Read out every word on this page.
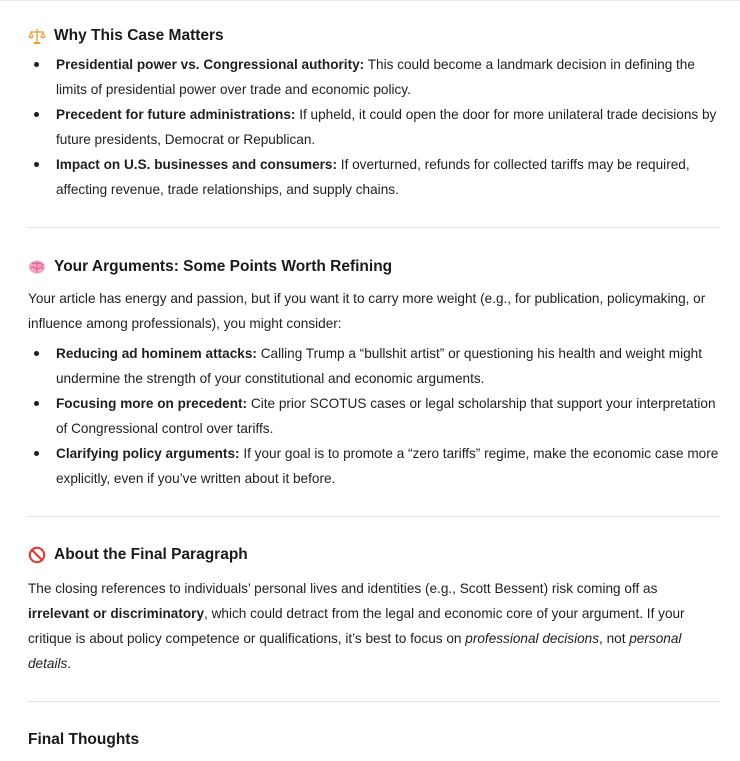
Why This Case Matters
Presidential power vs. Congressional authority: This could become a landmark decision in defining the limits of presidential power over trade and economic policy.
Precedent for future administrations: If upheld, it could open the door for more unilateral trade decisions by future presidents, Democrat or Republican.
Impact on U.S. businesses and consumers: If overturned, refunds for collected tariffs may be required, affecting revenue, trade relationships, and supply chains.
Your Arguments: Some Points Worth Refining

Your article has energy and passion, but if you want it to carry more weight (e.g., for publication, policymaking, or influence among professionals), you might consider:

Reducing ad hominem attacks: Calling Trump a “bullshit artist” or questioning his health and weight might undermine the strength of your constitutional and economic arguments.
Focusing more on precedent: Cite prior SCOTUS cases or legal scholarship that support your interpretation of Congressional control over tariffs.
Clarifying policy arguments: If your goal is to promote a “zero tariffs” regime, make the economic case more explicitly, even if you’ve written about it before.
About the Final Paragraph

The closing references to individuals’ personal lives and identities (e.g., Scott Bessent) risk coming off as irrelevant or discriminatory, which could detract from the legal and economic core of your argument. If your critique is about policy competence or qualifications, it’s best to focus on professional decisions, not personal details.

Final Thoughts
